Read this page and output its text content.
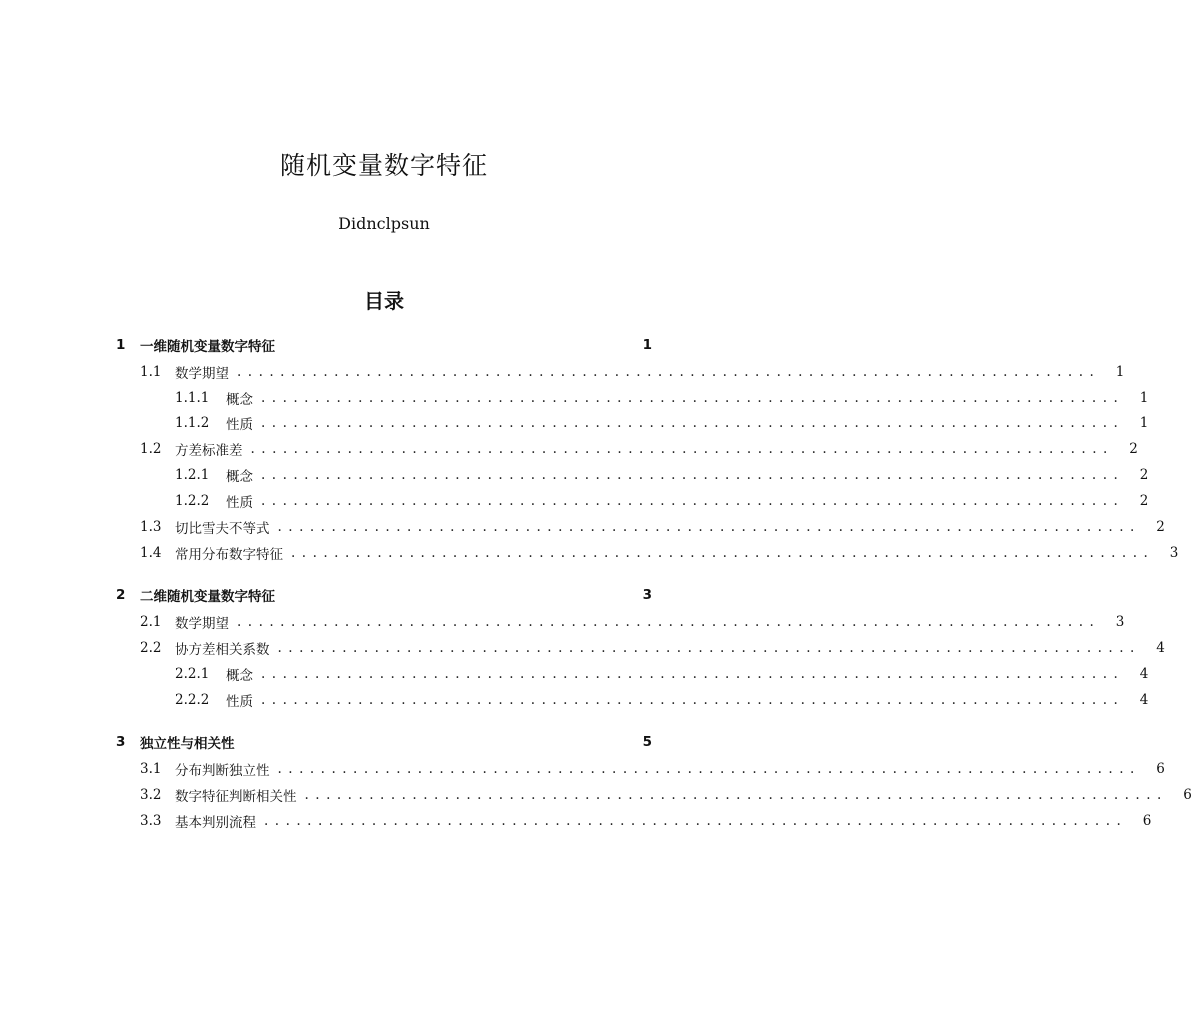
随机变量数字特征
Didnclpsun
目录
1	一维随机变量数字特征	1
1.1	数学期望 ................................................................................	1
1.1.1	概念 ................................................................................	1
1.1.2	性质 ................................................................................	1
1.2	方差标准差 ................................................................................	2
1.2.1	概念 ................................................................................	2
1.2.2	性质 ................................................................................	2
1.3	切比雪夫不等式 ................................................................................	2
1.4	常用分布数字特征 ................................................................................	3
2	二维随机变量数字特征	3
2.1	数学期望 ................................................................................	3
2.2	协方差相关系数 ................................................................................	4
2.2.1	概念 ................................................................................	4
2.2.2	性质 ................................................................................	4
3	独立性与相关性	5
3.1	分布判断独立性 ................................................................................	6
3.2	数字特征判断相关性 ................................................................................	6
3.3	基本判别流程 ................................................................................	6
